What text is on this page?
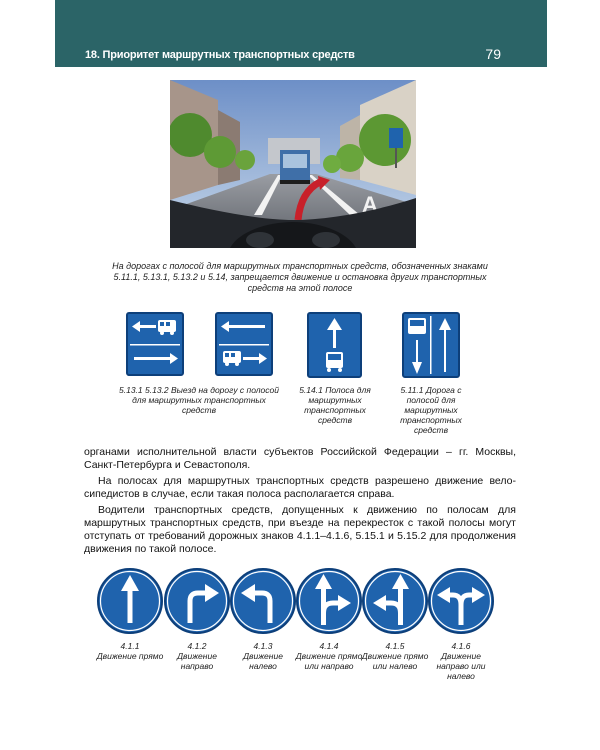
18. Приоритет маршрутных транспортных средств	79
А
На дорогах с полосой для маршрутных транспортных средств, обозначенных знаками 5.11.1, 5.13.1, 5.13.2 и 5.14, запрещается движение и остановка других транспортных средств на этой полосе
5.13.1 5.13.2 Выезд на дорогу с полосой для маршрутных транспортных средств
5.14.1 Полоса для маршрутных транспортных средств
5.11.1 Дорога с полосой для маршрутных транспортных средств

органами исполнительной власти субъектов Российской Федерации – гг. Москвы, Санкт-Петербурга и Севастополя.

На полосах для маршрутных транспортных средств разрешено движение вело-сипедистов в случае, если такая полоса располагается справа.

Водители транспортных средств, допущенных к движению по полосам для маршрутных транспортных средств, при въезде на перекресток с такой полосы могут отступать от требований дорожных знаков 4.1.1–4.1.6, 5.15.1 и 5.15.2 для продолжения движения по такой полосе.

4.1.1
Движение прямо
4.1.2
Движение направо
4.1.3
Движение налево
4.1.4
Движение прямо или направо
4.1.5
Движение прямо или налево
4.1.6
Движение направо или налево
